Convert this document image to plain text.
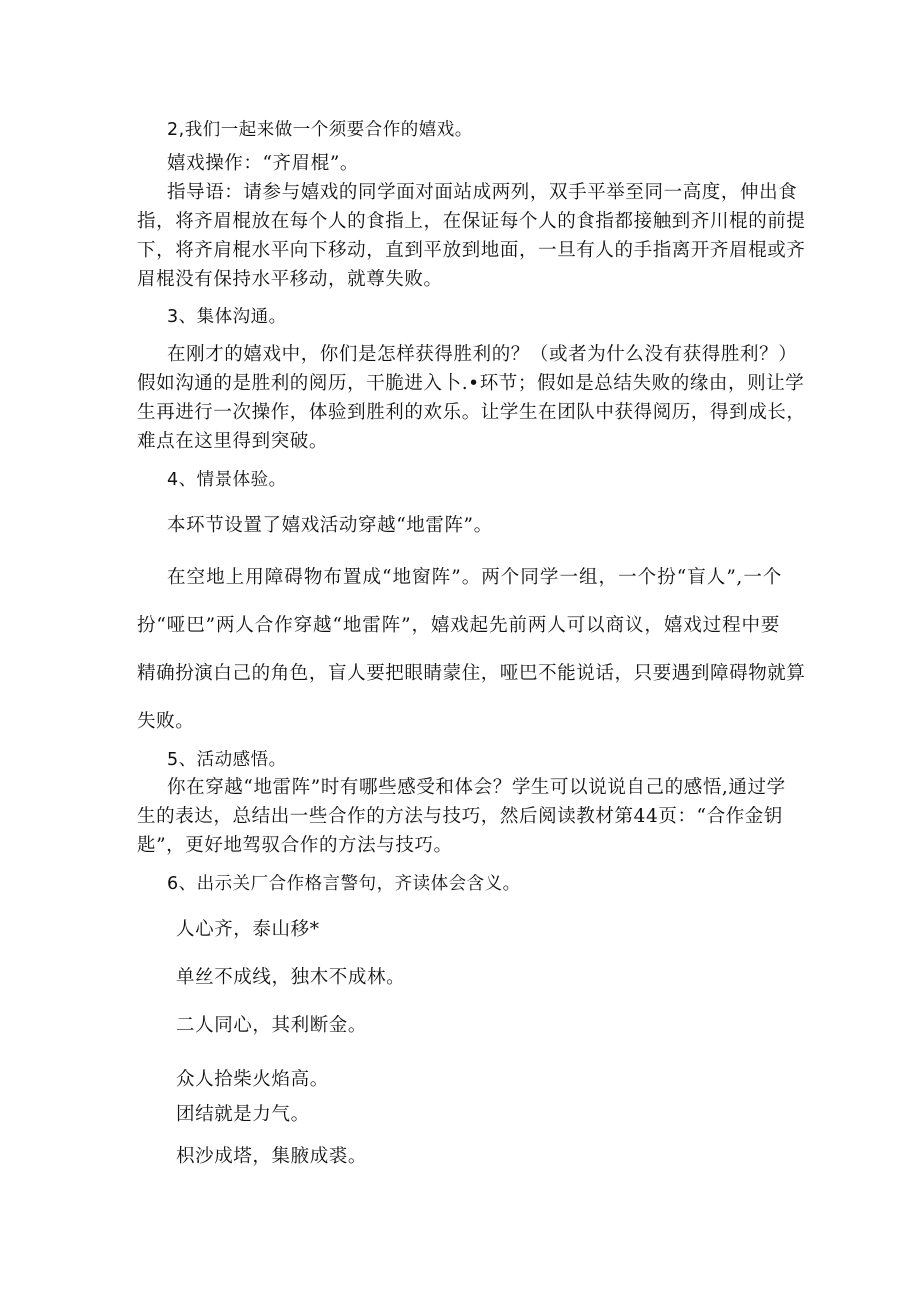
2,我们一起来做一个须要合作的嬉戏。
嬉戏操作：“齐眉棍”。
指导语：请参与嬉戏的同学面对面站成两列，双手平举至同一高度，伸出食
指，将齐眉棍放在每个人的食指上，在保证每个人的食指都接触到齐川棍的前提
下，将齐肩棍水平向下移动，直到平放到地面，一旦有人的手指离开齐眉棍或齐
眉棍没有保持水平移动，就尊失败。
3、集体沟通。
在刚才的嬉戏中，你们是怎样获得胜利的？（或者为什么没有获得胜利？）
假如沟通的是胜利的阅历，干脆进入卜.•环节；假如是总结失败的缘由，则让学
生再进行一次操作，体验到胜利的欢乐。让学生在团队中获得阅历，得到成长，
难点在这里得到突破。
4、情景体验。
本环节设置了嬉戏活动穿越“地雷阵”。
在空地上用障碍物布置成“地窗阵”。两个同学一组，一个扮“盲人”,一个
扮“哑巴”两人合作穿越“地雷阵”，嬉戏起先前两人可以商议，嬉戏过程中要
精确扮演白己的角色，盲人要把眼睛蒙住，哑巴不能说话，只要遇到障碍物就算
失败。
5、活动感悟。
你在穿越“地雷阵”时有哪些感受和体会？学生可以说说自己的感悟,通过学
生的表达，总结出一些合作的方法与技巧，然后阅读教材第44页：“合作金钥
匙”，更好地驾驭合作的方法与技巧。
6、出示关厂合作格言警句，齐读体会含义。
人心齐，泰山移*
单丝不成线，独木不成林。
二人同心，其利断金。
众人拾柴火焰高。
团结就是力气。
枳沙成塔，集腋成裘。
